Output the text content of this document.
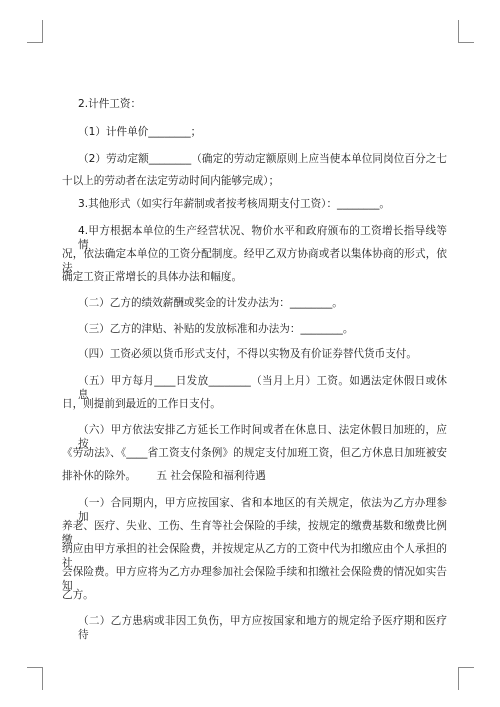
2.计件工资：
（1）计件单价________；
（2）劳动定额________（确定的劳动定额原则上应当使本单位同岗位百分之七
十以上的劳动者在法定劳动时间内能够完成）；
3.其他形式（如实行年薪制或者按考核周期支付工资）：________。
4.甲方根据本单位的生产经营状况、物价水平和政府颁布的工资增长指导线等情
况，依法确定本单位的工资分配制度。经甲乙双方协商或者以集体协商的形式，依法
确定工资正常增长的具体办法和幅度。
（二）乙方的绩效薪酬或奖金的计发办法为：________。
（三）乙方的津贴、补贴的发放标准和办法为：________。
（四）工资必须以货币形式支付，不得以实物及有价证券替代货币支付。
（五）甲方每月____日发放________（当月上月）工资。如遇法定休假日或休息
日，则提前到最近的工作日支付。
（六）甲方依法安排乙方延长工作时间或者在休息日、法定休假日加班的，应按
《劳动法》、《____省工资支付条例》的规定支付加班工资，但乙方休息日加班被安
排补休的除外。      五 社会保险和福利待遇
（一）合同期内，甲方应按国家、省和本地区的有关规定，依法为乙方办理参加
养老、医疗、失业、工伤、生育等社会保险的手续，按规定的缴费基数和缴费比例缴
纳应由甲方承担的社会保险费，并按规定从乙方的工资中代为扣缴应由个人承担的社
会保险费。甲方应将为乙方办理参加社会保险手续和扣缴社会保险费的情况如实告知
乙方。
（二）乙方患病或非因工负伤，甲方应按国家和地方的规定给予医疗期和医疗待
